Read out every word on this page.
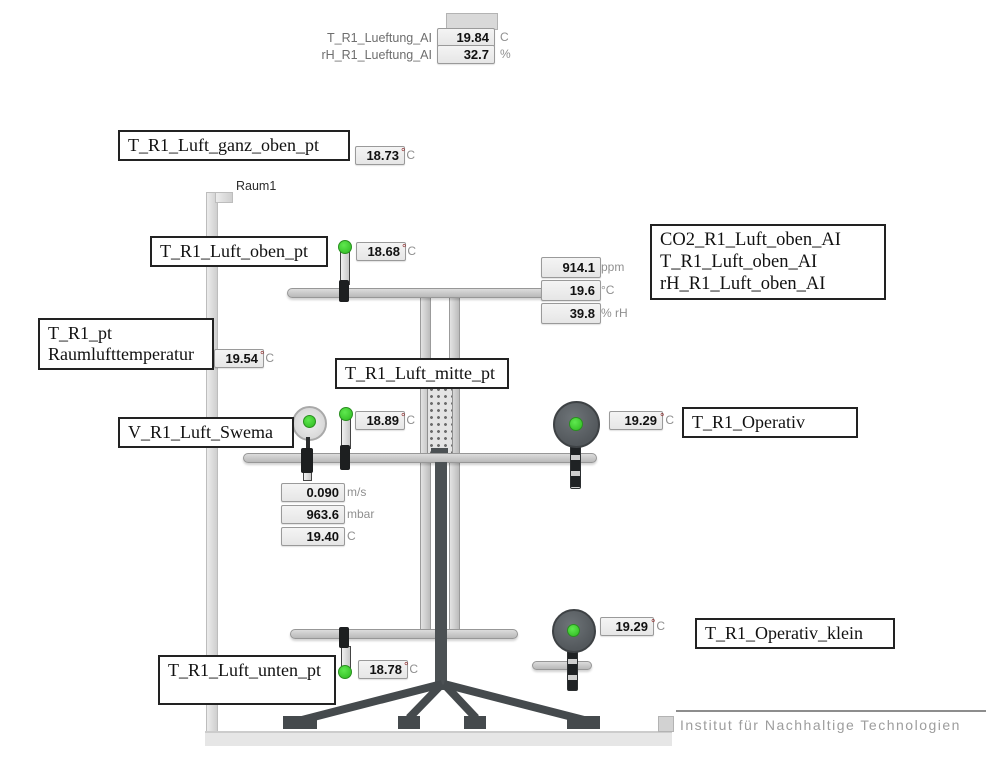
T_R1_Lueftung_AI	19.84 C
rH_R1_Lueftung_AI	32.7 %
Raum1
T_R1_Luft_ganz_oben_pt
18.73 °C
T_R1_Luft_oben_pt	18.68 °C
CO2_R1_Luft_oben_AI
T_R1_Luft_oben_AI
rH_R1_Luft_oben_AI
914.1 ppm
19.6 °C
39.8 % rH
T_R1_pt
Raumlufttemperatur	19.54 °C
T_R1_Luft_mitte_pt
18.89 °C
V_R1_Luft_Swema
0.090 m/s
963.6 mbar
19.40 C
19.29 °C T_R1_Operativ
19.29 °C	T_R1_Operativ_klein
18.78 °C
T_R1_Luft_unten_pt
Institut für Nachhaltige Technologien
